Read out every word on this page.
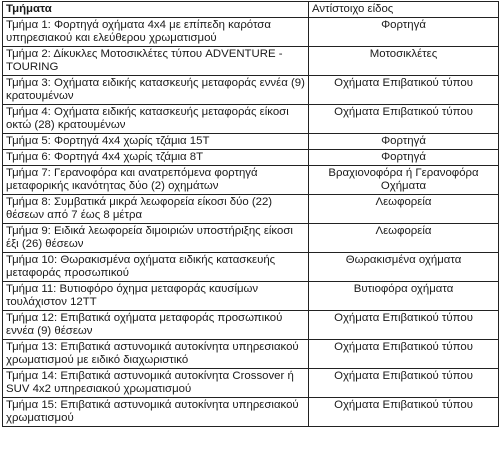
Τμήματα	Αντίστοιχο είδος
Τμήμα 1: Φορτηγά οχήματα 4x4 με επίπεδη καρότσα υπηρεσιακού και ελεύθερου χρωματισμού	Φορτηγά
Τμήμα 2: Δίκυκλες Μοτοσικλέτες τύπου ADVENTURE - TOURING	Μοτοσικλέτες
Τμήμα 3: Οχήματα ειδικής κατασκευής μεταφοράς εννέα (9) κρατουμένων	Οχήματα Επιβατικού τύπου
Τμήμα 4: Οχήματα ειδικής κατασκευής μεταφοράς είκοσι οκτώ (28) κρατουμένων	Οχήματα Επιβατικού τύπου
Τμήμα 5: Φορτηγά 4x4 χωρίς τζάμια 15T	Φορτηγά
Τμήμα 6: Φορτηγά 4x4 χωρίς τζάμια 8T	Φορτηγά
Τμήμα 7: Γερανοφόρα και ανατρεπόμενα φορτηγά μεταφορικής ικανότητας δύο (2) οχημάτων	Βραχιονοφόρα ή Γερανοφόρα Οχήματα
Τμήμα 8: Συμβατικά μικρά λεωφορεία είκοσι δύο (22) θέσεων από 7 έως 8 μέτρα	Λεωφορεία
Τμήμα 9: Ειδικά λεωφορεία διμοιριών υποστήριξης είκοσι έξι (26) θέσεων	Λεωφορεία
Τμήμα 10: Θωρακισμένα οχήματα ειδικής κατασκευής μεταφοράς προσωπικού	Θωρακισμένα οχήματα
Τμήμα 11: Βυτιοφόρο όχημα μεταφοράς καυσίμων τουλάχιστον 12TT	Βυτιοφόρα οχήματα
Τμήμα 12: Επιβατικά οχήματα μεταφοράς προσωπικού εννέα (9) θέσεων	Οχήματα Επιβατικού τύπου
Τμήμα 13: Επιβατικά αστυνομικά αυτοκίνητα υπηρεσιακού χρωματισμού με ειδικό διαχωριστικό	Οχήματα Επιβατικού τύπου
Τμήμα 14: Επιβατικά αστυνομικά αυτοκίνητα Crossover ή SUV 4x2 υπηρεσιακού χρωματισμού	Οχήματα Επιβατικού τύπου
Τμήμα 15: Επιβατικά αστυνομικά αυτοκίνητα υπηρεσιακού χρωματισμού	Οχήματα Επιβατικού τύπου
